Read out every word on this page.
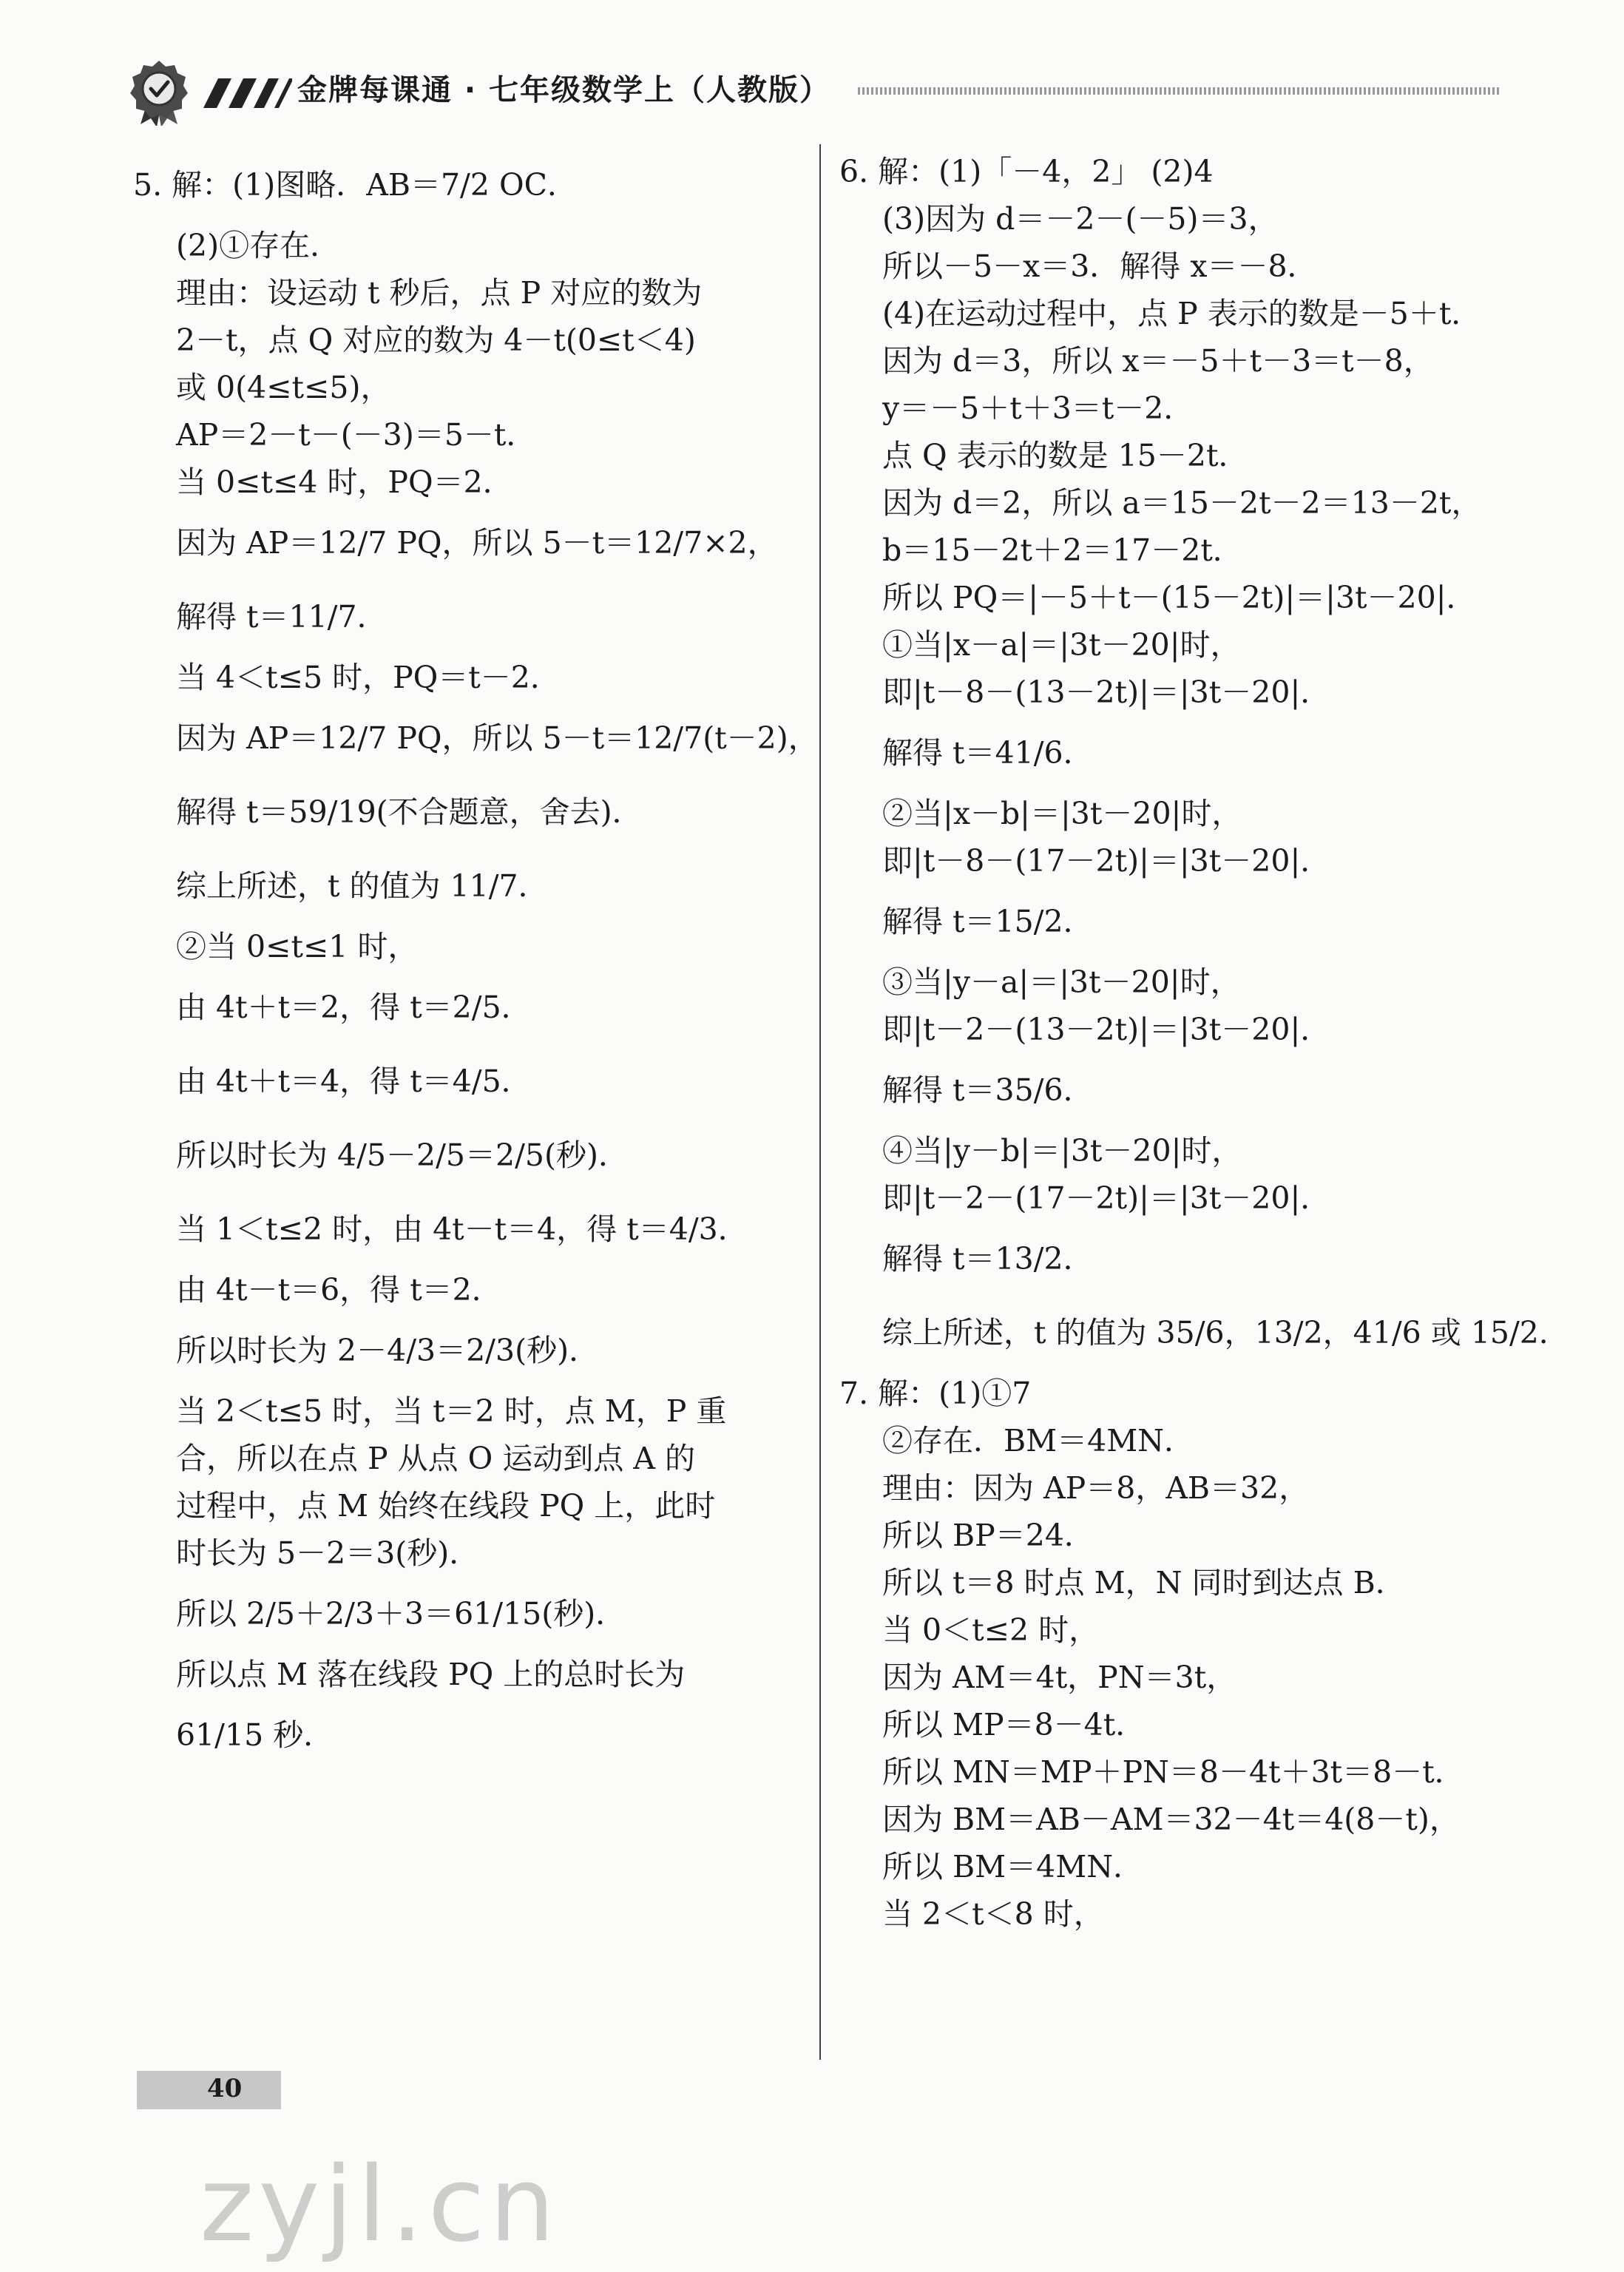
金牌每课通 · 七年级数学上（人教版）
5. 解：(1)图略．AB＝7/2 OC．
(2)①存在．
理由：设运动 t 秒后，点 P 对应的数为
2－t，点 Q 对应的数为 4－t(0≤t＜4)
或 0(4≤t≤5)，
AP＝2－t－(－3)＝5－t．
当 0≤t≤4 时，PQ＝2．
因为 AP＝12/7 PQ，所以 5－t＝12/7×2，
解得 t＝11/7．
当 4＜t≤5 时，PQ＝t－2．
因为 AP＝12/7 PQ，所以 5－t＝12/7(t－2)，
解得 t＝59/19(不合题意，舍去)．
综上所述，t 的值为 11/7．
②当 0≤t≤1 时，
由 4t＋t＝2，得 t＝2/5．
由 4t＋t＝4，得 t＝4/5．
所以时长为 4/5－2/5＝2/5(秒)．
当 1＜t≤2 时，由 4t－t＝4，得 t＝4/3．
由 4t－t＝6，得 t＝2．
所以时长为 2－4/3＝2/3(秒)．
当 2＜t≤5 时，当 t＝2 时，点 M，P 重
合，所以在点 P 从点 O 运动到点 A 的
过程中，点 M 始终在线段 PQ 上，此时
时长为 5－2＝3(秒)．
所以 2/5＋2/3＋3＝61/15(秒)．
所以点 M 落在线段 PQ 上的总时长为
61/15 秒．
6. 解：(1)「－4，2」 (2)4
(3)因为 d＝－2－(－5)＝3，
所以－5－x＝3．解得 x＝－8．
(4)在运动过程中，点 P 表示的数是－5＋t．
因为 d＝3，所以 x＝－5＋t－3＝t－8，
y＝－5＋t＋3＝t－2．
点 Q 表示的数是 15－2t．
因为 d＝2，所以 a＝15－2t－2＝13－2t，
b＝15－2t＋2＝17－2t．
所以 PQ＝|－5＋t－(15－2t)|＝|3t－20|．
①当|x－a|＝|3t－20|时，
即|t－8－(13－2t)|＝|3t－20|．
解得 t＝41/6．
②当|x－b|＝|3t－20|时，
即|t－8－(17－2t)|＝|3t－20|．
解得 t＝15/2．
③当|y－a|＝|3t－20|时，
即|t－2－(13－2t)|＝|3t－20|．
解得 t＝35/6．
④当|y－b|＝|3t－20|时，
即|t－2－(17－2t)|＝|3t－20|．
解得 t＝13/2．
综上所述，t 的值为 35/6，13/2，41/6 或 15/2．
7. 解：(1)①7
②存在．BM＝4MN．
理由：因为 AP＝8，AB＝32，
所以 BP＝24．
所以 t＝8 时点 M，N 同时到达点 B．
当 0＜t≤2 时，
因为 AM＝4t，PN＝3t，
所以 MP＝8－4t．
所以 MN＝MP＋PN＝8－4t＋3t＝8－t．
因为 BM＝AB－AM＝32－4t＝4(8－t)，
所以 BM＝4MN．
当 2＜t＜8 时，
40
zyjl.cn
